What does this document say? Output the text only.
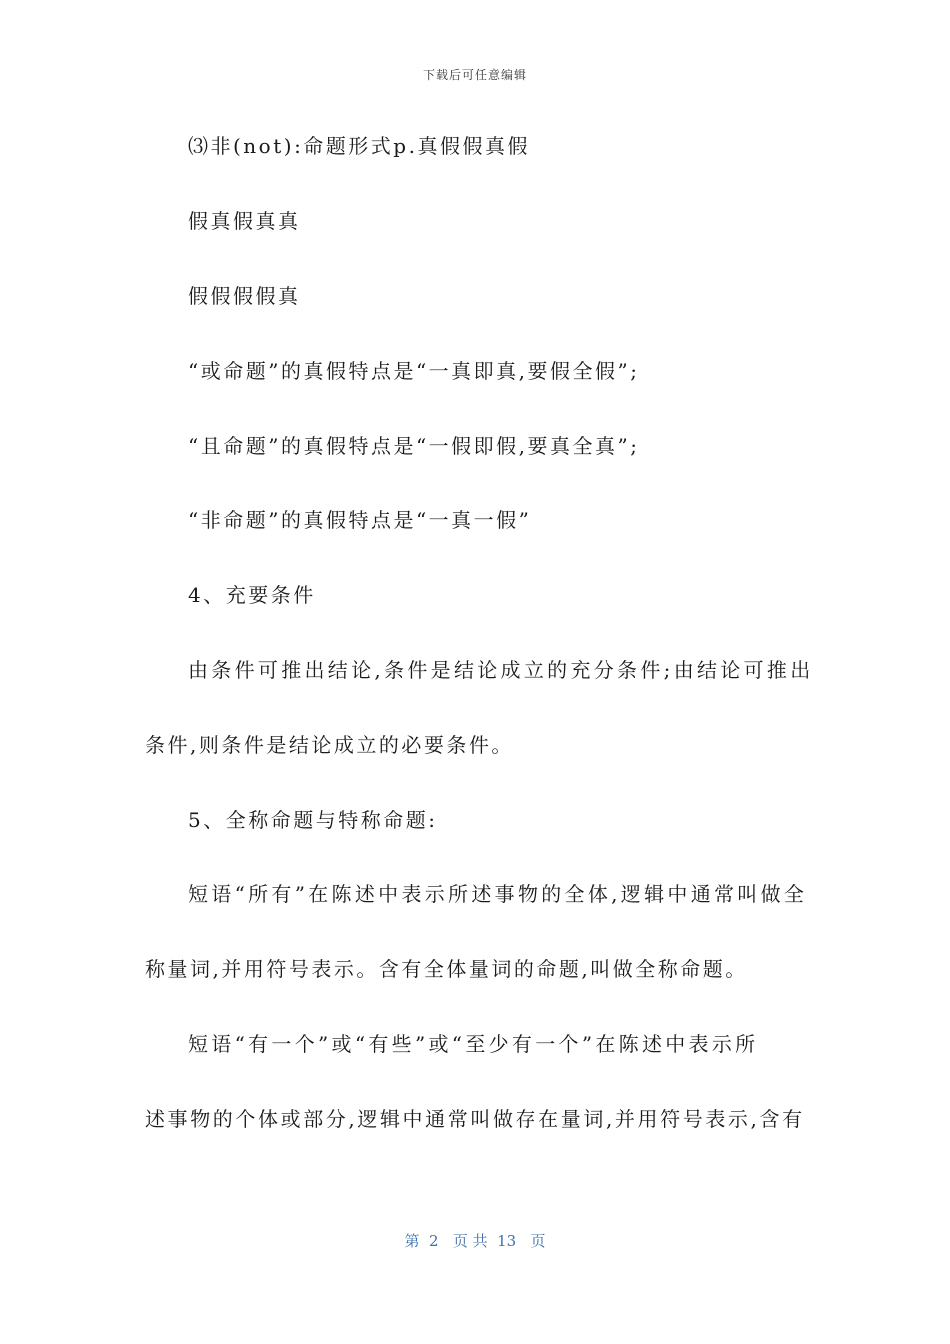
下载后可任意编辑
⑶非(not):命题形式p.真假假真假
假真假真真
假假假假真
“或命题”的真假特点是“一真即真,要假全假”;
“且命题”的真假特点是“一假即假,要真全真”;
“非命题”的真假特点是“一真一假”
4、充要条件
由条件可推出结论,条件是结论成立的充分条件;由结论可推出
条件,则条件是结论成立的必要条件。
5、全称命题与特称命题:
短语“所有”在陈述中表示所述事物的全体,逻辑中通常叫做全
称量词,并用符号表示。含有全体量词的命题,叫做全称命题。
短语“有一个”或“有些”或“至少有一个”在陈述中表示所
述事物的个体或部分,逻辑中通常叫做存在量词,并用符号表示,含有
第  2   页 共  13   页
